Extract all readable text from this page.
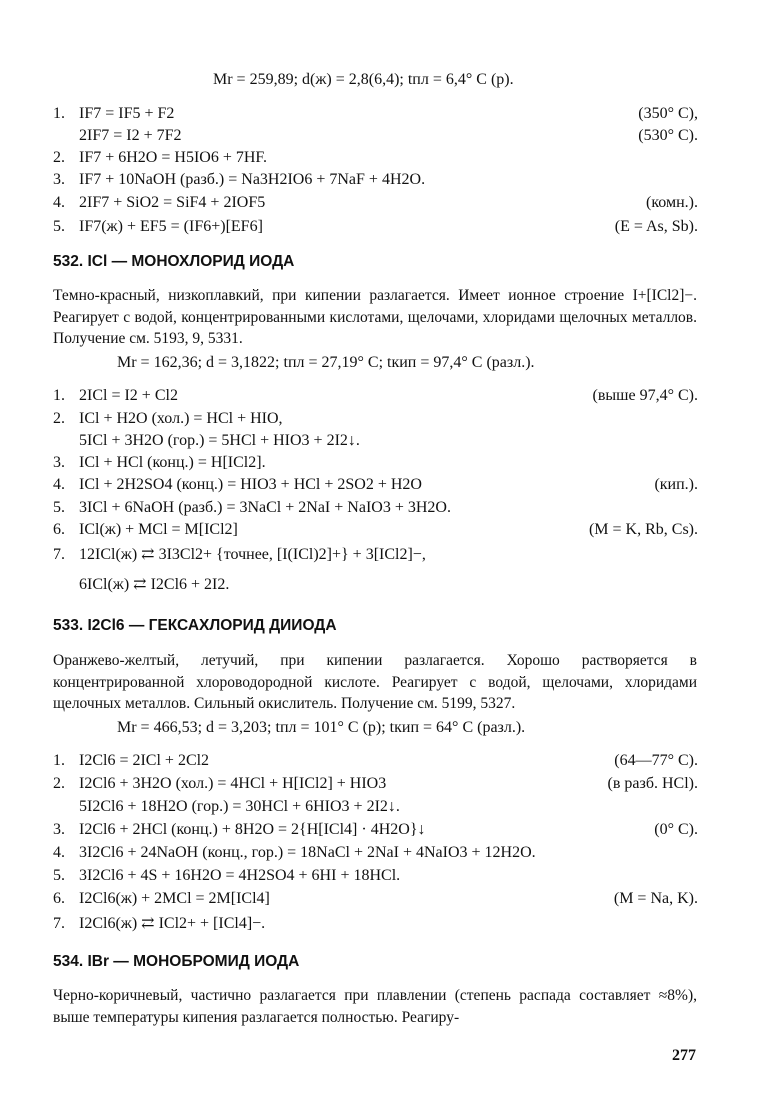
Mr = 259,89; d(ж) = 2,8(6,4); tпл = 6,4° C (р).
1. IF7 = IF5 + F2	(350° C),
2IF7 = I2 + 7F2	(530° C).
2. IF7 + 6H2O = H5IO6 + 7HF.
3. IF7 + 10NaOH (разб.) = Na3H2IO6 + 7NaF + 4H2O.
4. 2IF7 + SiO2 = SiF4 + 2IOF5	(комн.).
5. IF7(ж) + EF5 = (IF6+)[EF6]	(E = As, Sb).
532. ICl — МОНОХЛОРИД ИОДА
Темно-красный, низкоплавкий, при кипении разлагается. Имеет ионное строение I+[ICl2]−. Реагирует с водой, концентрированными кислотами, щелочами, хлоридами щелочных металлов. Получение см. 5193, 9, 5331.
Mr = 162,36; d = 3,1822; tпл = 27,19° C; tкип = 97,4° C (разл.).
1. 2ICl = I2 + Cl2	(выше 97,4° C).
2. ICl + H2O (хол.) = HCl + HIO,
5ICl + 3H2O (гор.) = 5HCl + HIO3 + 2I2↓.
3. ICl + HCl (конц.) = H[ICl2].
4. ICl + 2H2SO4 (конц.) = HIO3 + HCl + 2SO2 + H2O	(кип.).
5. 3ICl + 6NaOH (разб.) = 3NaCl + 2NaI + NaIO3 + 3H2O.
6. ICl(ж) + MCl = M[ICl2]	(M = K, Rb, Cs).
7. 12ICl(ж) ⇄ 3I3Cl2+ {точнее, [I(ICl)2]+} + 3[ICl2]−,
6ICl(ж) ⇄ I2Cl6 + 2I2.
533. I2Cl6 — ГЕКСАХЛОРИД ДИИОДА
Оранжево-желтый, летучий, при кипении разлагается. Хорошо растворяется в концентрированной хлороводородной кислоте. Реагирует с водой, щелочами, хлоридами щелочных металлов. Сильный окислитель. Получение см. 5199, 5327.
Mr = 466,53; d = 3,203; tпл = 101° C (р); tкип = 64° C (разл.).
1. I2Cl6 = 2ICl + 2Cl2	(64—77° C).
2. I2Cl6 + 3H2O (хол.) = 4HCl + H[ICl2] + HIO3	(в разб. HCl).
5I2Cl6 + 18H2O (гор.) = 30HCl + 6HIO3 + 2I2↓.
3. I2Cl6 + 2HCl (конц.) + 8H2O = 2{H[ICl4] · 4H2O}↓	(0° C).
4. 3I2Cl6 + 24NaOH (конц., гор.) = 18NaCl + 2NaI + 4NaIO3 + 12H2O.
5. 3I2Cl6 + 4S + 16H2O = 4H2SO4 + 6HI + 18HCl.
6. I2Cl6(ж) + 2MCl = 2M[ICl4]	(M = Na, K).
7. I2Cl6(ж) ⇄ ICl2+ + [ICl4]−.
534. IBr — МОНОБРОМИД ИОДА
Черно-коричневый, частично разлагается при плавлении (степень распада составляет ≈8%), выше температуры кипения разлагается полностью. Реагиру-
277
